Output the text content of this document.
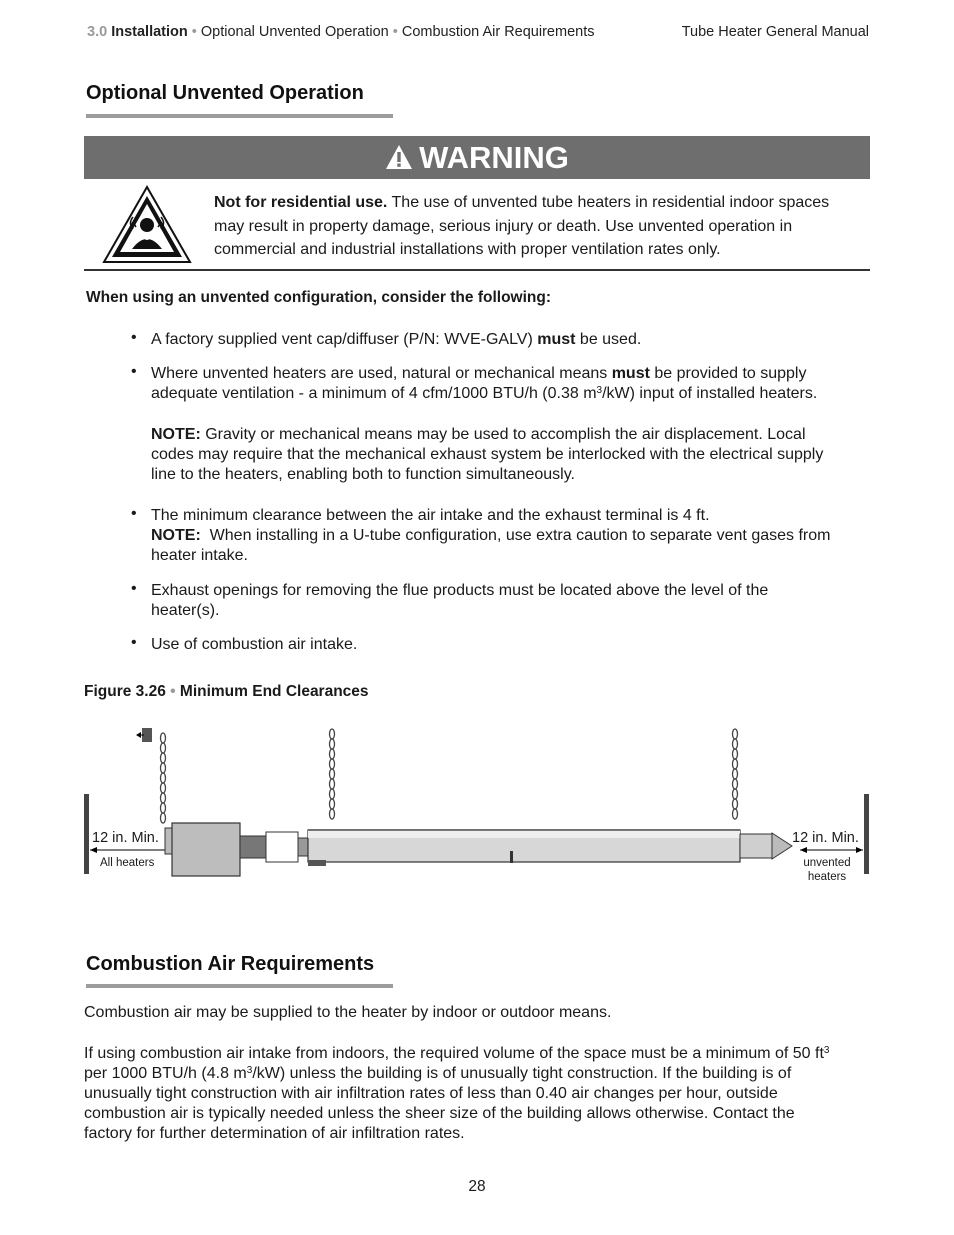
3.0 Installation • Optional Unvented Operation • Combustion Air Requirements	Tube Heater General Manual
Optional Unvented Operation
WARNING
Not for residential use. The use of unvented tube heaters in residential indoor spaces
may result in property damage, serious injury or death. Use unvented operation in
commercial and industrial installations with proper ventilation rates only.
When using an unvented configuration, consider the following:
• A factory supplied vent cap/diffuser (P/N: WVE-GALV) must be used.
• Where unvented heaters are used, natural or mechanical means must be provided to supply
adequate ventilation - a minimum of 4 cfm/1000 BTU/h (0.38 $m^3/kW$) input of installed heaters.
NOTE: Gravity or mechanical means may be used to accomplish the air displacement. Local
codes may require that the mechanical exhaust system be interlocked with the electrical supply
line to the heaters, enabling both to function simultaneously.
• The minimum clearance between the air intake and the exhaust terminal is 4 ft.
NOTE:  When installing in a U-tube configuration, use extra caution to separate vent gases from
heater intake.
• Exhaust openings for removing the flue products must be located above the level of the
heater(s).
• Use of combustion air intake.
Figure 3.26 • Minimum End Clearances
12 in. Min.
All heaters
12 in. Min.
unvented
heaters
Combustion Air Requirements
Combustion air may be supplied to the heater by indoor or outdoor means.
If using combustion air intake from indoors, the required volume of the space must be a minimum of 50 $ft^3$
per 1000 BTU/h (4.8 $m^3/kW$) unless the building is of unusually tight construction. If the building is of
unusually tight construction with air infiltration rates of less than 0.40 air changes per hour, outside
combustion air is typically needed unless the sheer size of the building allows otherwise. Contact the
factory for further determination of air infiltration rates.
28
